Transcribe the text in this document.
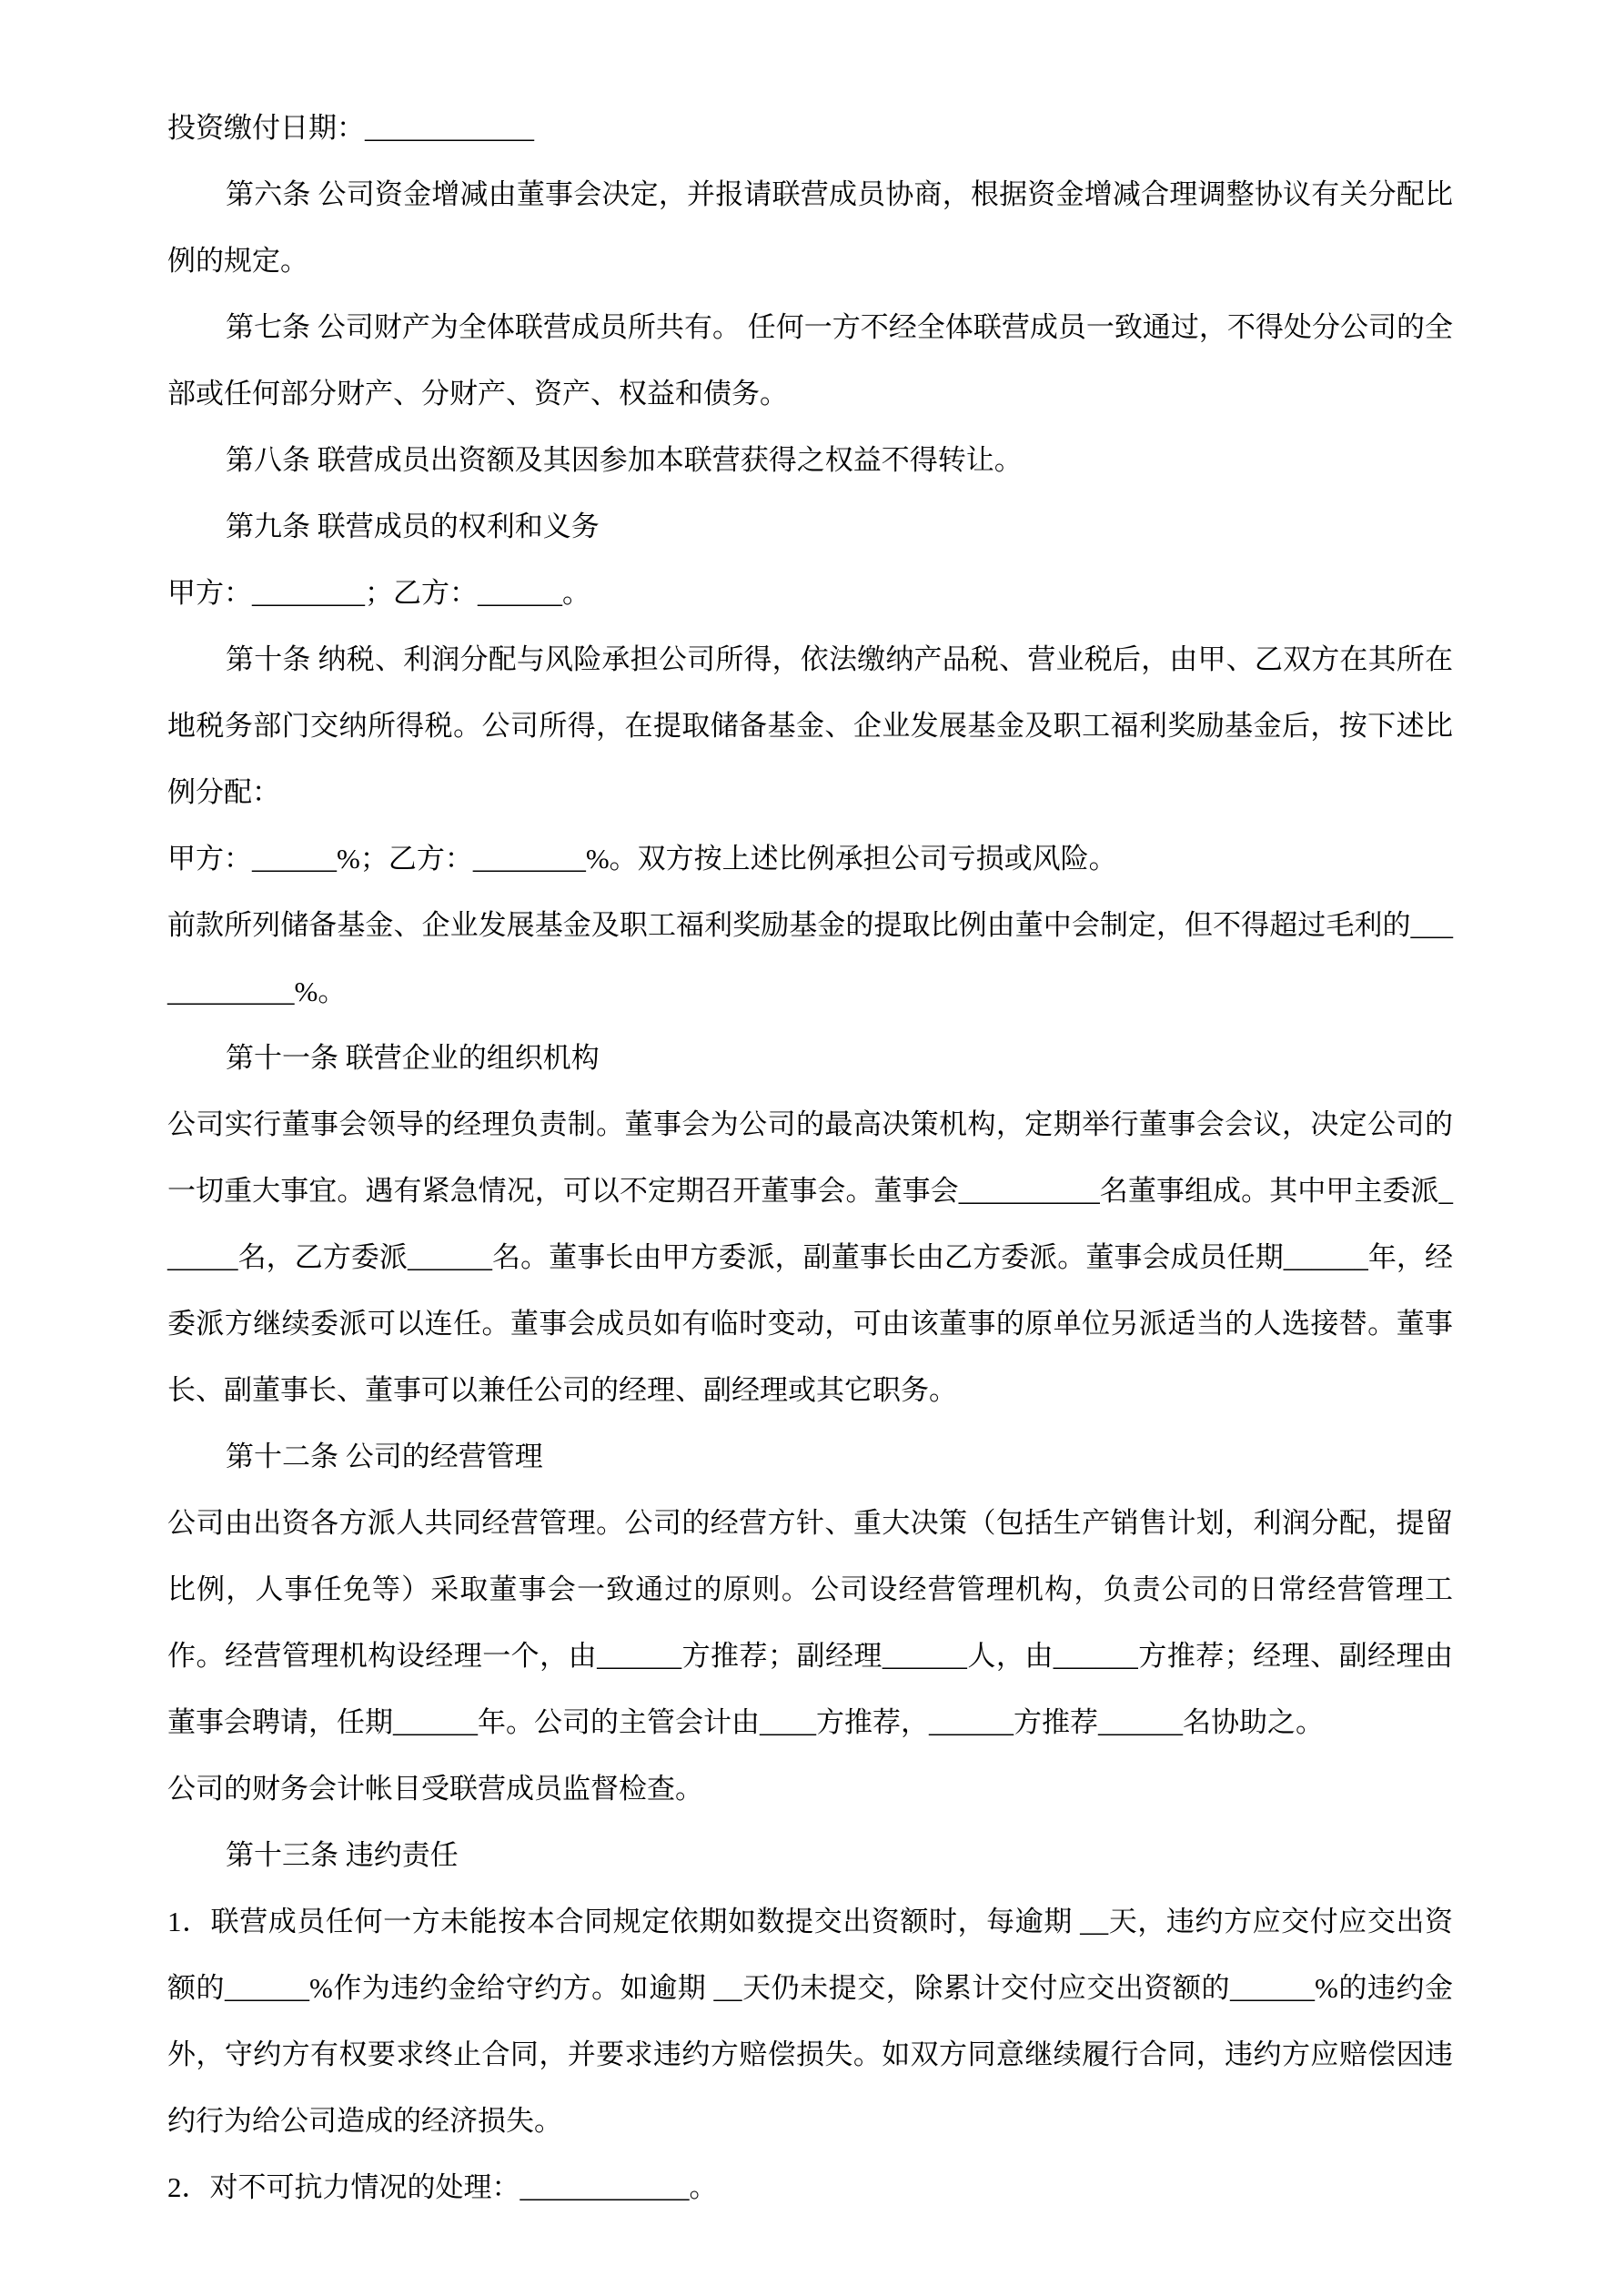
投资缴付日期：____________

第六条 公司资金增减由董事会决定，并报请联营成员协商，根据资金增减合理调整协议有关分配比例的规定。

第七条 公司财产为全体联营成员所共有。 任何一方不经全体联营成员一致通过，不得处分公司的全部或任何部分财产、分财产、资产、权益和债务。

第八条 联营成员出资额及其因参加本联营获得之权益不得转让。

第九条 联营成员的权利和义务

甲方：________；乙方：______。

第十条 纳税、利润分配与风险承担公司所得，依法缴纳产品税、营业税后，由甲、乙双方在其所在地税务部门交纳所得税。公司所得，在提取储备基金、企业发展基金及职工福利奖励基金后，按下述比例分配：

甲方：______%；乙方：________%。双方按上述比例承担公司亏损或风险。

前款所列储备基金、企业发展基金及职工福利奖励基金的提取比例由董中会制定，但不得超过毛利的____________%。

第十一条 联营企业的组织机构

公司实行董事会领导的经理负责制。董事会为公司的最高决策机构，定期举行董事会会议，决定公司的一切重大事宜。遇有紧急情况，可以不定期召开董事会。董事会__________名董事组成。其中甲主委派______名，乙方委派______名。董事长由甲方委派，副董事长由乙方委派。董事会成员任期______年，经委派方继续委派可以连任。董事会成员如有临时变动，可由该董事的原单位另派适当的人选接替。董事长、副董事长、董事可以兼任公司的经理、副经理或其它职务。

第十二条 公司的经营管理

公司由出资各方派人共同经营管理。公司的经营方针、重大决策（包括生产销售计划，利润分配，提留比例，人事任免等）采取董事会一致通过的原则。公司设经营管理机构，负责公司的日常经营管理工作。经营管理机构设经理一个，由______方推荐；副经理______人，由______方推荐；经理、副经理由董事会聘请，任期______年。公司的主管会计由____方推荐，______方推荐______名协助之。

公司的财务会计帐目受联营成员监督检查。

第十三条 违约责任

1．联营成员任何一方未能按本合同规定依期如数提交出资额时，每逾期 __天，违约方应交付应交出资额的______%作为违约金给守约方。如逾期 __天仍未提交，除累计交付应交出资额的______%的违约金外，守约方有权要求终止合同，并要求违约方赔偿损失。如双方同意继续履行合同，违约方应赔偿因违约行为给公司造成的经济损失。

2．对不可抗力情况的处理：____________。
